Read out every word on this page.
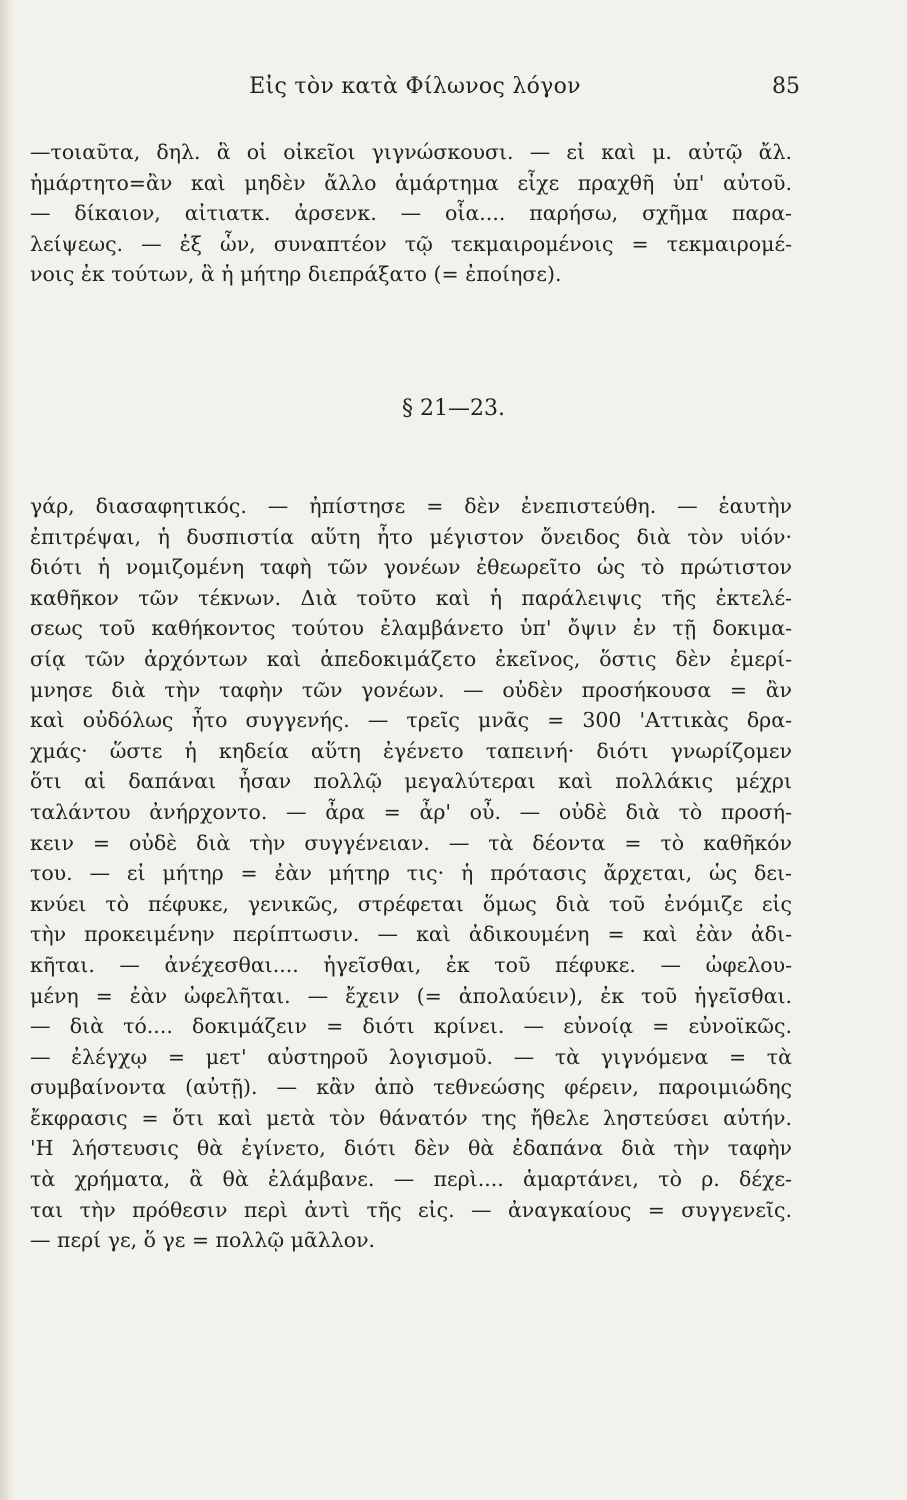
Εἰς τὸν κατὰ Φίλωνος λόγον	85
—τοιαῦτα, δηλ. ἃ οἱ οἰκεῖοι γιγνώσκουσι. — εἰ καὶ μ. αὐτῷ ἄλ.
ἡμάρτητο=ἂν καὶ μηδὲν ἄλλο ἁμάρτημα εἶχε πραχθῆ ὑπ' αὐτοῦ.
— δίκαιον, αἰτιατκ. ἀρσενκ. — οἷα.... παρήσω, σχῆμα παρα-
λείψεως. — ἐξ ὧν, συναπτέον τῷ τεκμαιρομένοις = τεκμαιρομέ-
νοις ἐκ τούτων, ἃ ἡ μήτηρ διεπράξατο (= ἐποίησε).
§ 21—23.
γάρ, διασαφητικός. — ἠπίστησε = δὲν ἐνεπιστεύθη. — ἑαυτὴν
ἐπιτρέψαι, ἡ δυσπιστία αὕτη ἦτο μέγιστον ὄνειδος διὰ τὸν υἱόν·
διότι ἡ νομιζομένη ταφὴ τῶν γονέων ἐθεωρεῖτο ὡς τὸ πρώτιστον
καθῆκον τῶν τέκνων. Διὰ τοῦτο καὶ ἡ παράλειψις τῆς ἐκτελέ-
σεως τοῦ καθήκοντος τούτου ἐλαμβάνετο ὑπ' ὄψιν ἐν τῇ δοκιμα-
σίᾳ τῶν ἀρχόντων καὶ ἀπεδοκιμάζετο ἐκεῖνος, ὅστις δὲν ἐμερί-
μνησε διὰ τὴν ταφὴν τῶν γονέων. — οὐδὲν προσήκουσα = ἂν
καὶ οὐδόλως ἦτο συγγενής. — τρεῖς μνᾶς = 300 'Αττικὰς δρα-
χμάς· ὥστε ἡ κηδεία αὕτη ἐγένετο ταπεινή· διότι γνωρίζομεν
ὅτι αἱ δαπάναι ἦσαν πολλῷ μεγαλύτεραι καὶ πολλάκις μέχρι
ταλάντου ἀνήρχοντο. — ἆρα = ἆρ' οὖ. — οὐδὲ διὰ τὸ προσή-
κειν = οὐδὲ διὰ τὴν συγγένειαν. — τὰ δέοντα = τὸ καθῆκόν
του. — εἰ μήτηρ = ἐὰν μήτηρ τις· ἡ πρότασις ἄρχεται, ὡς δει-
κνύει τὸ πέφυκε, γενικῶς, στρέφεται ὅμως διὰ τοῦ ἐνόμιζε εἰς
τὴν προκειμένην περίπτωσιν. — καὶ ἀδικουμένη = καὶ ἐὰν ἀδι-
κῆται. — ἀνέχεσθαι.... ἡγεῖσθαι, ἐκ τοῦ πέφυκε. — ὠφελου-
μένη = ἐὰν ὠφελῆται. — ἔχειν (= ἀπολαύειν), ἐκ τοῦ ἡγεῖσθαι.
— διὰ τό.... δοκιμάζειν = διότι κρίνει. — εὐνοίᾳ = εὐνοϊκῶς.
— ἐλέγχῳ = μετ' αὐστηροῦ λογισμοῦ. — τὰ γιγνόμενα = τὰ
συμβαίνοντα (αὐτῇ). — κἂν ἀπὸ τεθνεώσης φέρειν, παροιμιώδης
ἔκφρασις = ὅτι καὶ μετὰ τὸν θάνατόν της ἤθελε ληστεύσει αὐτήν.
'Η λήστευσις θὰ ἐγίνετο, διότι δὲν θὰ ἐδαπάνα διὰ τὴν ταφὴν
τὰ χρήματα, ἃ θὰ ἐλάμβανε. — περὶ.... ἁμαρτάνει, τὸ ρ. δέχε-
ται τὴν πρόθεσιν περὶ ἀντὶ τῆς εἰς. — ἀναγκαίους = συγγενεῖς.
— περί γε, ὅ γε = πολλῷ μᾶλλον.
